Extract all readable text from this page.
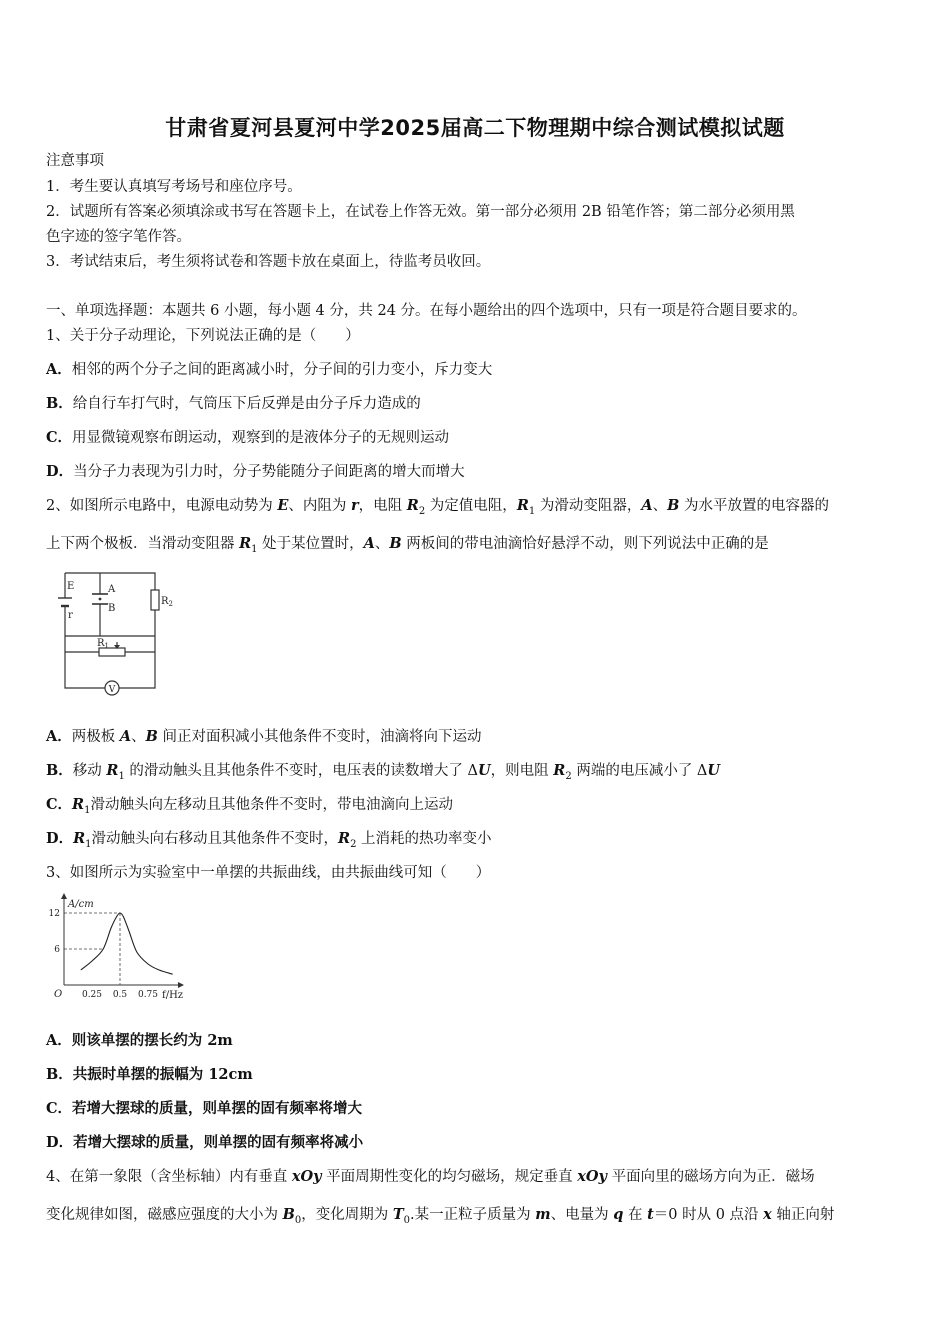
甘肃省夏河县夏河中学2025届高二下物理期中综合测试模拟试题
注意事项
1．考生要认真填写考场号和座位序号。
2．试题所有答案必须填涂或书写在答题卡上，在试卷上作答无效。第一部分必须用 2B 铅笔作答；第二部分必须用黑
色字迹的签字笔作答。
3．考试结束后，考生须将试卷和答题卡放在桌面上，待监考员收回。
一、单项选择题：本题共 6 小题，每小题 4 分，共 24 分。在每小题给出的四个选项中，只有一项是符合题目要求的。
1、关于分子动理论，下列说法正确的是（　　）
A．相邻的两个分子之间的距离减小时，分子间的引力变小，斥力变大
B．给自行车打气时，气筒压下后反弹是由分子斥力造成的
C．用显微镜观察布朗运动，观察到的是液体分子的无规则运动
D．当分子力表现为引力时，分子势能随分子间距离的增大而增大
2、如图所示电路中，电源电动势为 E、内阻为 r，电阻 $R_2$ 为定值电阻，$R_1$ 为滑动变阻器，A、B 为水平放置的电容器的
上下两个极板．当滑动变阻器 $R_1$ 处于某位置时，A、B 两板间的带电油滴恰好悬浮不动，则下列说法中正确的是
V
E
r
A
B
$R_2$
$R_1$
A．两极板 A、B 间正对面积减小其他条件不变时，油滴将向下运动
B．移动 $R_1$ 的滑动触头且其他条件不变时，电压表的读数增大了 ΔU，则电阻 $R_2$ 两端的电压减小了 ΔU
C．$R_1$滑动触头向左移动且其他条件不变时，带电油滴向上运动
D．$R_1$滑动触头向右移动且其他条件不变时，$R_2$ 上消耗的热功率变小
3、如图所示为实验室中一单摆的共振曲线，由共振曲线可知（　　）
A/cm
f/Hz
O
6
12
0.25 0.5 0.75
A．则该单摆的摆长约为 2m
B．共振时单摆的振幅为 12cm
C．若增大摆球的质量，则单摆的固有频率将增大
D．若增大摆球的质量，则单摆的固有频率将减小
4、在第一象限（含坐标轴）内有垂直 xOy 平面周期性变化的均匀磁场，规定垂直 xOy 平面向里的磁场方向为正．磁场
变化规律如图，磁感应强度的大小为 $B_0$，变化周期为 $T_0$.某一正粒子质量为 m、电量为 q 在 t＝0 时从 0 点沿 x 轴正向射
